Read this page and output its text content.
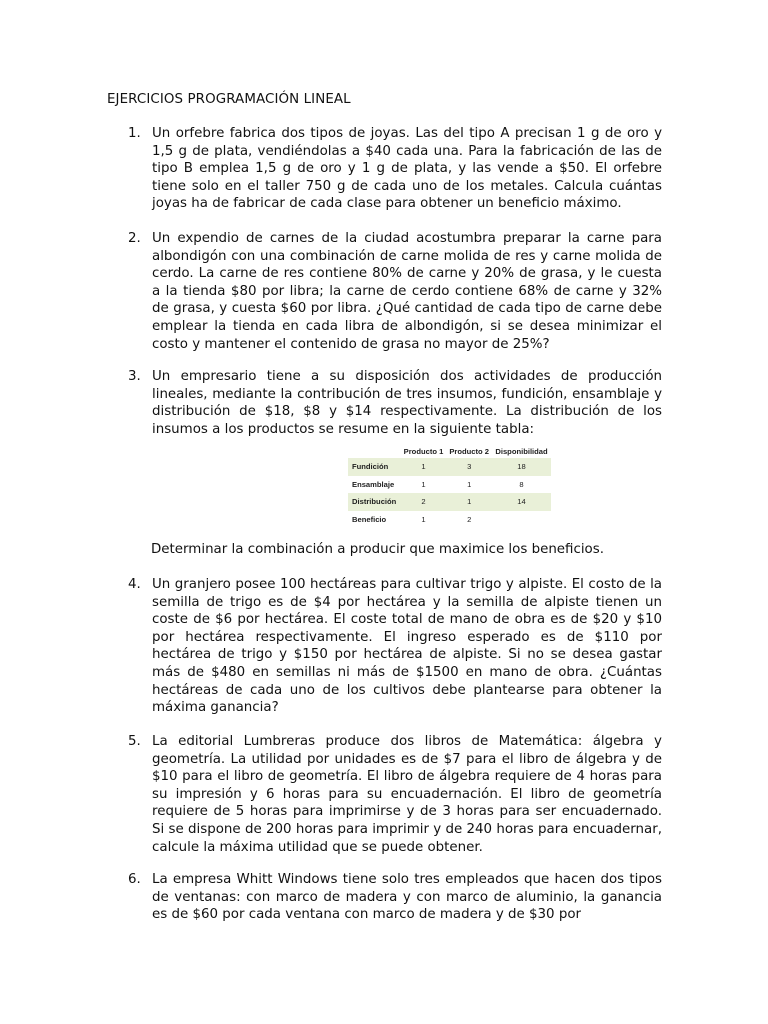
EJERCICIOS PROGRAMACIÓN LINEAL
1. Un orfebre fabrica dos tipos de joyas. Las del tipo A precisan 1 g de oro y 1,5 g de plata, vendiéndolas a $40 cada una. Para la fabricación de las de tipo B emplea 1,5 g de oro y 1 g de plata, y las vende a $50. El orfebre tiene solo en el taller 750 g de cada uno de los metales. Calcula cuántas joyas ha de fabricar de cada clase para obtener un beneficio máximo.
2. Un expendio de carnes de la ciudad acostumbra preparar la carne para albondigón con una combinación de carne molida de res y carne molida de cerdo. La carne de res contiene 80% de carne y 20% de grasa, y le cuesta a la tienda $80 por libra; la carne de cerdo contiene 68% de carne y 32% de grasa, y cuesta $60 por libra. ¿Qué cantidad de cada tipo de carne debe emplear la tienda en cada libra de albondigón, si se desea minimizar el costo y mantener el contenido de grasa no mayor de 25%?
3. Un empresario tiene a su disposición dos actividades de producción lineales, mediante la contribución de tres insumos, fundición, ensamblaje y distribución de $18, $8 y $14 respectivamente. La distribución de los insumos a los productos se resume en la siguiente tabla:
	Producto 1	Producto 2	Disponibilidad
Fundición	1	3	18
Ensamblaje	1	1	8
Distribución	2	1	14
Beneficio	1	2	
Determinar la combinación a producir que maximice los beneficios.
4. Un granjero posee 100 hectáreas para cultivar trigo y alpiste. El costo de la semilla de trigo es de $4 por hectárea y la semilla de alpiste tienen un coste de $6 por hectárea. El coste total de mano de obra es de $20 y $10 por hectárea respectivamente. El ingreso esperado es de $110 por hectárea de trigo y $150 por hectárea de alpiste. Si no se desea gastar más de $480 en semillas ni más de $1500 en mano de obra. ¿Cuántas hectáreas de cada uno de los cultivos debe plantearse para obtener la máxima ganancia?
5. La editorial Lumbreras produce dos libros de Matemática: álgebra y geometría. La utilidad por unidades es de $7 para el libro de álgebra y de $10 para el libro de geometría. El libro de álgebra requiere de 4 horas para su impresión y 6 horas para su encuadernación. El libro de geometría requiere de 5 horas para imprimirse y de 3 horas para ser encuadernado. Si se dispone de 200 horas para imprimir y de 240 horas para encuadernar, calcule la máxima utilidad que se puede obtener.
6. La empresa Whitt Windows tiene solo tres empleados que hacen dos tipos de ventanas: con marco de madera y con marco de aluminio, la ganancia es de $60 por cada ventana con marco de madera y de $30 por
